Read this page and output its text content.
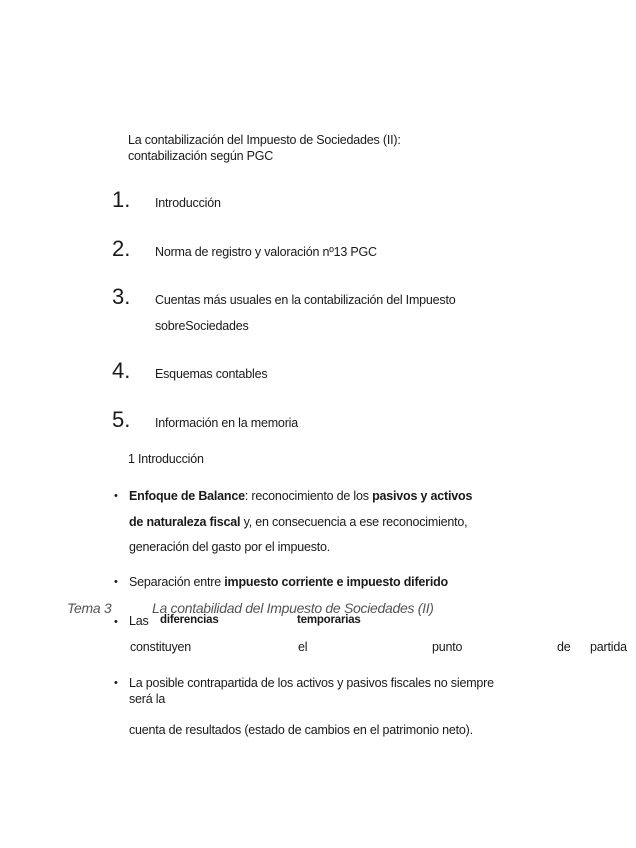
La contabilización del Impuesto de Sociedades (II):
contabilización según PGC
1. Introducción
2. Norma de registro y valoración nº13 PGC
3. Cuentas más usuales en la contabilización del Impuesto
sobreSociedades
4. Esquemas contables
5. Información en la memoria
1 Introducción
• Enfoque de Balance: reconocimiento de los pasivos y activos
de naturaleza fiscal y, en consecuencia a ese reconocimiento,
generación del gasto por el impuesto.
• Separación entre impuesto corriente e impuesto diferido
Tema 3	La contabilidad del Impuesto de Sociedades (II)
• Las diferencias	temporarias
constituyen	el	punto	de partida
• La posible contrapartida de los activos y pasivos fiscales no siempre
será la
cuenta de resultados (estado de cambios en el patrimonio neto).
